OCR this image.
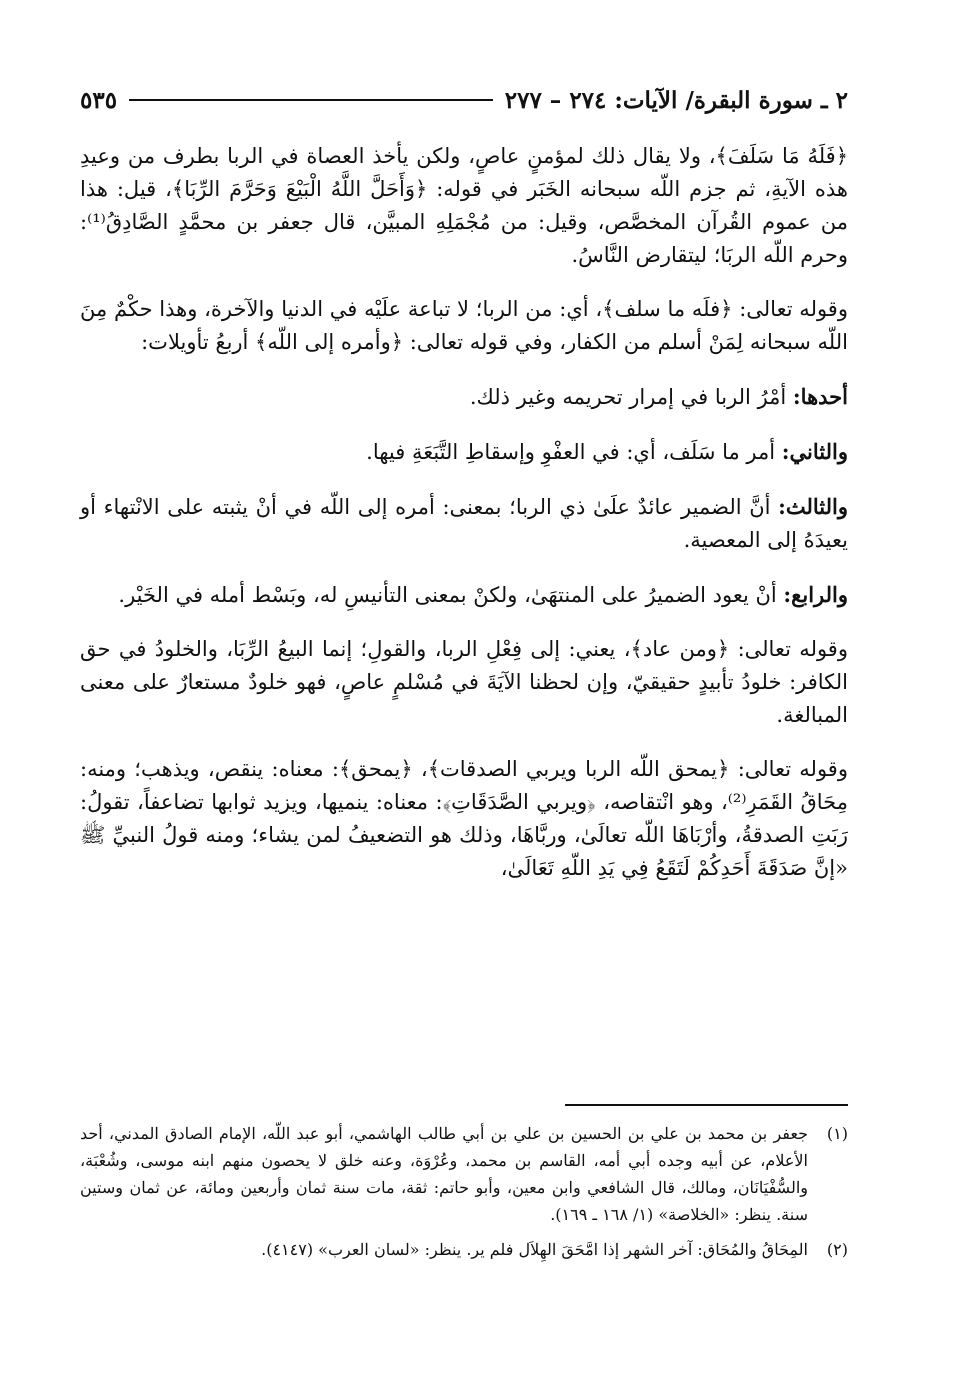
٢ ـ سورة البقرة/ الآيات: ٢٧٤ – ٢٧٧
٥٣٥

﴿فَلَهُ مَا سَلَفَ﴾، ولا يقال ذلك لمؤمنٍ عاصٍ، ولكن يأخذ العصاة في الربا بطرف من وعيدِ هذه الآيةِ، ثم جزم اللّه سبحانه الخَبَر في قوله: ﴿وَأَحَلَّ اللَّهُ الْبَيْعَ وَحَرَّمَ الرِّبَا﴾، قيل: هذا من عموم القُرآن المخصَّص، وقيل: من مُجْمَلِهِ المبيَّن، قال جعفر بن محمَّدٍ الصَّادِقُ⁽¹⁾: وحرم اللّه الربَا؛ ليتقارض النَّاسُ.

وقوله تعالى: ﴿فلَه ما سلف﴾، أي: من الربا؛ لا تباعة علَيْه في الدنيا والآخرة، وهذا حكْمٌ مِنَ اللّه سبحانه لِمَنْ أسلم من الكفار، وفي قوله تعالى: ﴿وأمره إلى اللّه﴾ أربعُ تأويلات:

أحدها: أمْرُ الربا في إمرار تحريمه وغير ذلك.

والثاني: أمر ما سَلَف، أي: في العفْوِ وإسقاطِ التَّبَعَةِ فيها.

والثالث: أنَّ الضمير عائدٌ علَىٰ ذي الربا؛ بمعنى: أمره إلى اللّه في أنْ يثبته على الانْتهاء أو يعيدَهُ إلى المعصية.

والرابع: أنْ يعود الضميرُ على المنتهَىٰ، ولكنْ بمعنى التأنيسِ له، وبَسْط أمله في الخَيْر.

وقوله تعالى: ﴿ومن عاد﴾، يعني: إلى فِعْلِ الربا، والقولِ؛ إنما البيعُ الرِّبَا، والخلودُ في حق الكافر: خلودُ تأبيدٍ حقيقيّ، وإن لحظنا الآيَةَ في مُسْلمٍ عاصٍ، فهو خلودٌ مستعارٌ على معنى المبالغة.

وقوله تعالى: ﴿يمحق اللّه الربا ويربي الصدقات﴾، ﴿يمحق﴾: معناه: ينقص، ويذهب؛ ومنه: مِحَاقُ القَمَرِ⁽²⁾، وهو انْتقاصه، ﴿ويربي الصَّدَقَاتِ﴾: معناه: ينميها، ويزيد ثوابها تضاعفاً، تقولُ: رَبَتِ الصدقةُ، وأرْبَاهَا اللّه تعالَىٰ، وربَّاهَا، وذلك هو التضعيفُ لمن يشاء؛ ومنه قولُ النبيِّ ﷺ «إنَّ صَدَقَةَ أَحَدِكُمْ لَتَقَعُ فِي يَدِ اللّهِ تَعَالَىٰ،

(١)
جعفر بن محمد بن علي بن الحسين بن علي بن أبي طالب الهاشمي، أبو عبد اللّه، الإمام الصادق المدني، أحد الأعلام، عن أبيه وجده أبي أمه، القاسم بن محمد، وعُرْوَة، وعنه خلق لا يحصون منهم ابنه موسى، وشُعْبَة، والسُّفْيَانَان، ومالك، قال الشافعي وابن معين، وأبو حاتم: ثقة، مات سنة ثمان وأربعين ومائة، عن ثمان وستين سنة. ينظر: «الخلاصة» (١/ ١٦٨ ـ ١٦٩).
(٢)
المِحَاقُ والمُحَاق: آخر الشهر إذا امَّحَقَ الهِلاَل فلم ير. ينظر: «لسان العرب» (٤١٤٧).
